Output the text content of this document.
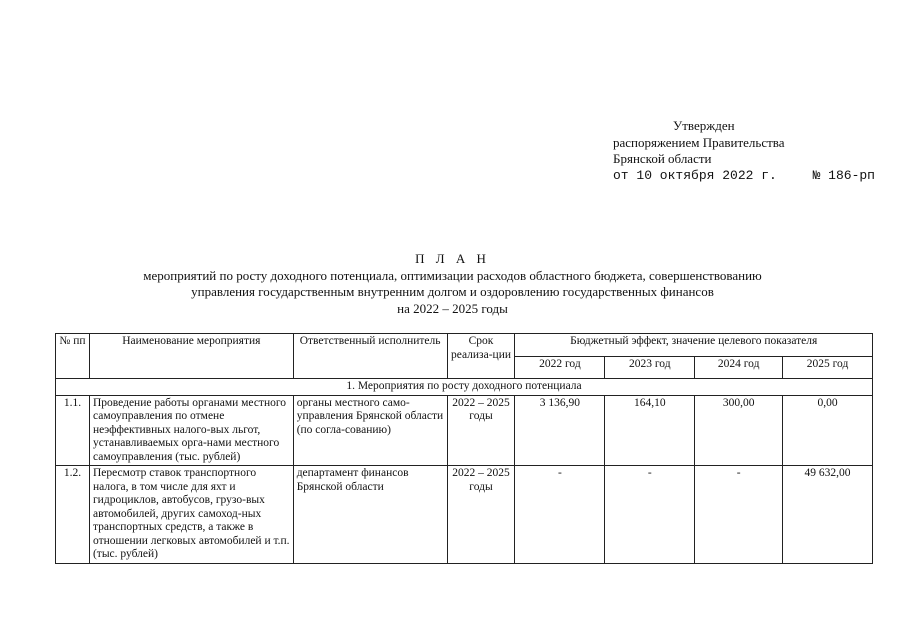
Утвержден
распоряжением Правительства
Брянской области
от 10 октября 2022 г.	№ 186-рп
П Л А Н
мероприятий по росту доходного потенциала, оптимизации расходов областного бюджета, совершенствованию
управления государственным внутренним долгом и оздоровлению государственных финансов
на 2022 – 2025 годы
№ пп	Наименование мероприятия	Ответственный исполнитель	Срок реализа-ции	Бюджетный эффект, значение целевого показателя			
				2022 год	2023 год	2024 год	2025 год
1. Мероприятия по росту доходного потенциала							
1.1.	Проведение работы органами местного самоуправления по отмене неэффективных налого-вых льгот, устанавливаемых орга-нами местного самоуправления (тыс. рублей)	органы местного само-управления Брянской области (по согла-сованию)	2022 – 2025 годы	3 136,90	164,10	300,00	0,00
1.2.	Пересмотр ставок транспортного налога, в том числе для яхт и гидроциклов, автобусов, грузо-вых автомобилей, других самоход-ных транспортных средств, а также в отношении легковых автомобилей и т.п. (тыс. рублей)	департамент финансов Брянской области	2022 – 2025 годы	-	-	-	49 632,00
